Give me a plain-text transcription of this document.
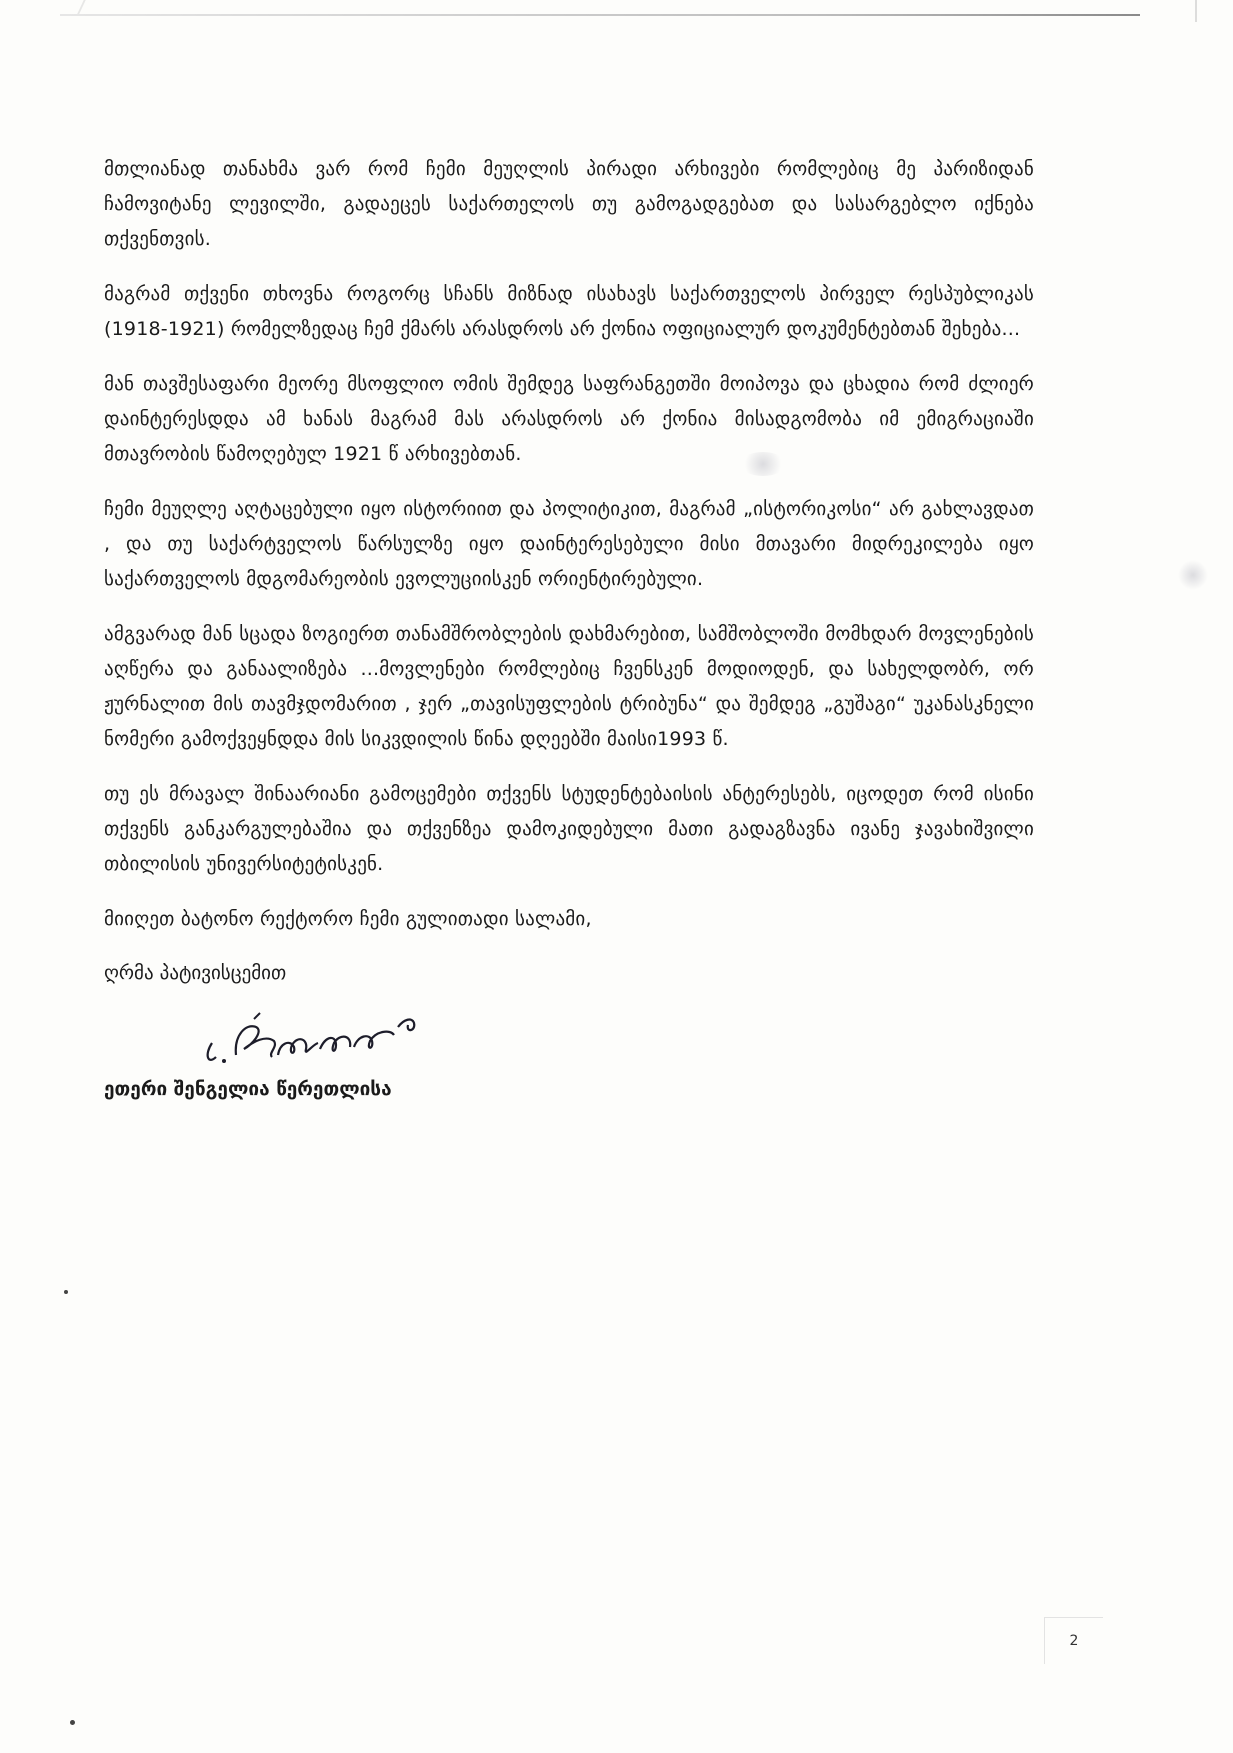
მთლიანად თანახმა ვარ რომ ჩემი მეუღლის პირადი არხივები რომლებიც მე პარიზიდან ჩამოვიტანე ლევილში, გადაეცეს საქართელოს თუ გამოგადგებათ და სასარგებლო იქნება თქვენთვის.

მაგრამ თქვენი თხოვნა როგორც სჩანს მიზნად ისახავს საქართველოს პირველ რესპუბლიკას (1918-1921) რომელზედაც ჩემ ქმარს არასდროს არ ქონია ოფიციალურ დოკუმენტებთან შეხება...

მან თავშესაფარი მეორე მსოფლიო ომის შემდეგ საფრანგეთში მოიპოვა და ცხადია რომ ძლიერ დაინტერესდდა ამ ხანას მაგრამ მას არასდროს არ ქონია მისადგომობა იმ ემიგრაციაში მთავრობის წამოღებულ 1921 წ არხივებთან.

ჩემი მეუღლე აღტაცებული იყო ისტორიით და პოლიტიკით, მაგრამ „ისტორიკოსი“ არ გახლავდათ , და თუ საქარტველოს წარსულზე იყო დაინტერესებული მისი მთავარი მიდრეკილება იყო საქართველოს მდგომარეობის ევოლუციისკენ ორიენტირებული.

ამგვარად მან სცადა ზოგიერთ თანამშრობლების დახმარებით, სამშობლოში მომხდარ მოვლენების აღწერა და განაალიზება ...მოვლენები რომლებიც ჩვენსკენ მოდიოდენ, და სახელდობრ, ორ ჟურნალით მის თავმჯდომარით , ჯერ „თავისუფლების ტრიბუნა“ და შემდეგ „გუშაგი“ უკანასკნელი ნომერი გამოქვეყნდდა მის სიკვდილის წინა დღეებში მაისი1993 წ.

თუ ეს მრავალ შინაარიანი გამოცემები თქვენს სტუდენტებაისის ანტერესებს, იცოდეთ რომ ისინი თქვენს განკარგულებაშია და თქვენზეა დამოკიდებული მათი გადაგზავნა ივანე ჯავახიშვილი თბილისის უნივერსიტეტისკენ.

მიიღეთ ბატონო რექტორო ჩემი გულითადი სალამი,

ღრმა პატივისცემით

ეთერი შენგელია წერეთლისა

2
